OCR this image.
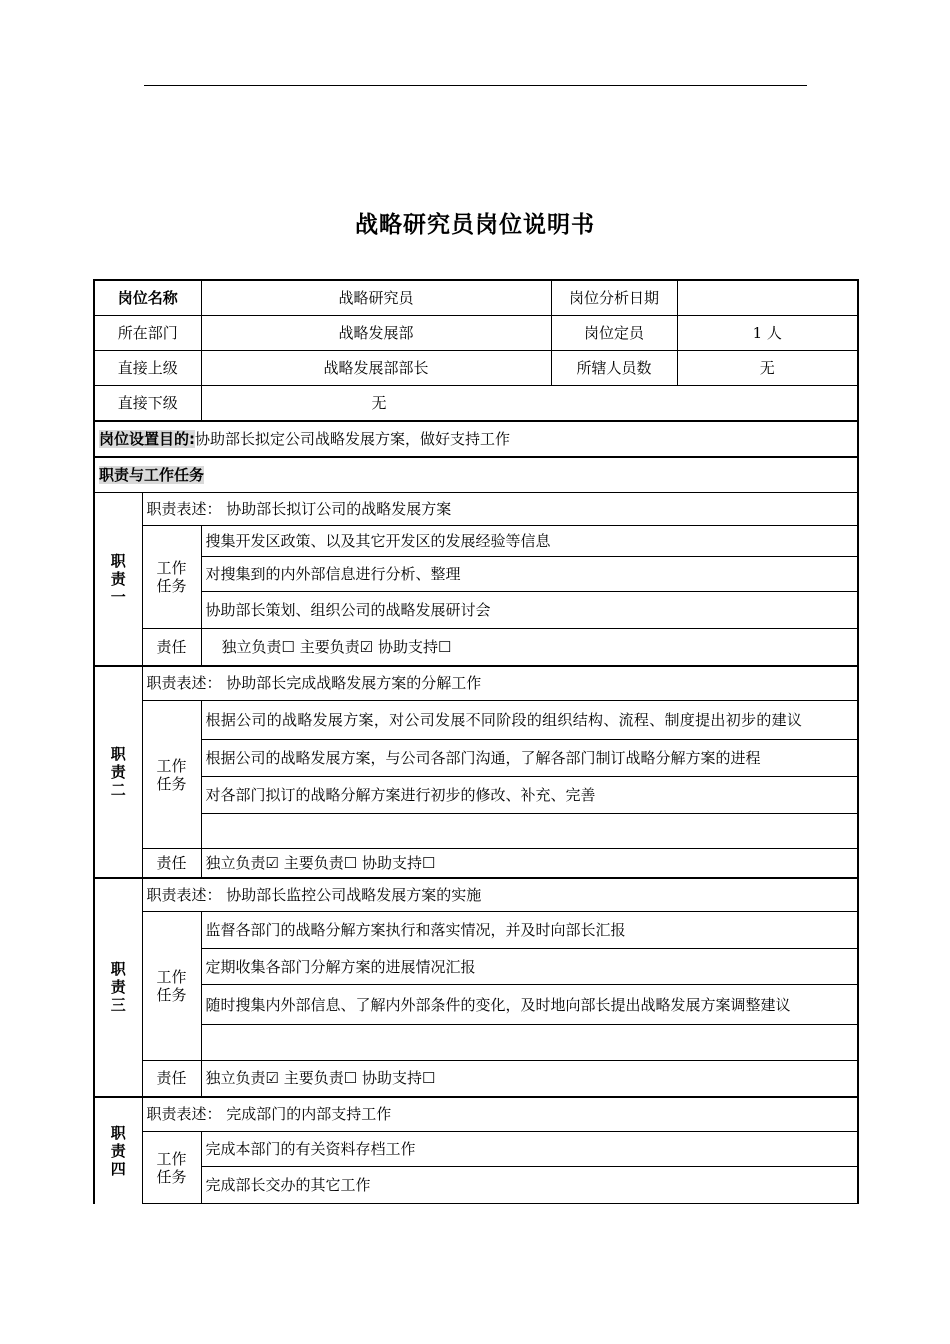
战略研究员岗位说明书
岗位名称		战略研究员	岗位分析日期	
所在部门		战略发展部	岗位定员	1 人
直接上级		战略发展部部长	所辖人员数	无
直接下级		无		
岗位设置目的:协助部长拟定公司战略发展方案，做好支持工作				
职责与工作任务				

职
责
一	职责表述： 协助部长拟订公司的战略发展方案			

	工作
任务	搜集开发区政策、以及其它开发区的发展经验等信息		
		对搜集到的内外部信息进行分析、整理		
		协助部长策划、组织公司的战略发展研讨会		
	责任	独立负责☐ 主要负责☑ 协助支持☐		

职
责
二	职责表述： 协助部长完成战略发展方案的分解工作			

	工作
任务	根据公司的战略发展方案，对公司发展不同阶段的组织结构、流程、制度提出初步的建议		
		根据公司的战略发展方案，与公司各部门沟通，了解各部门制订战略分解方案的进程		
		对各部门拟订的战略分解方案进行初步的修改、补充、完善		

	责任	独立负责☑ 主要负责☐ 协助支持☐		

职
责
三	职责表述： 协助部长监控公司战略发展方案的实施			

	工作
任务	监督各部门的战略分解方案执行和落实情况，并及时向部长汇报		
		定期收集各部门分解方案的进展情况汇报		
		随时搜集内外部信息、了解内外部条件的变化，及时地向部长提出战略发展方案调整建议		

	责任	独立负责☑ 主要负责☐ 协助支持☐		

职
责
四	职责表述： 完成部门的内部支持工作			

	工作
任务	完成本部门的有关资料存档工作		
		完成部长交办的其它工作		
